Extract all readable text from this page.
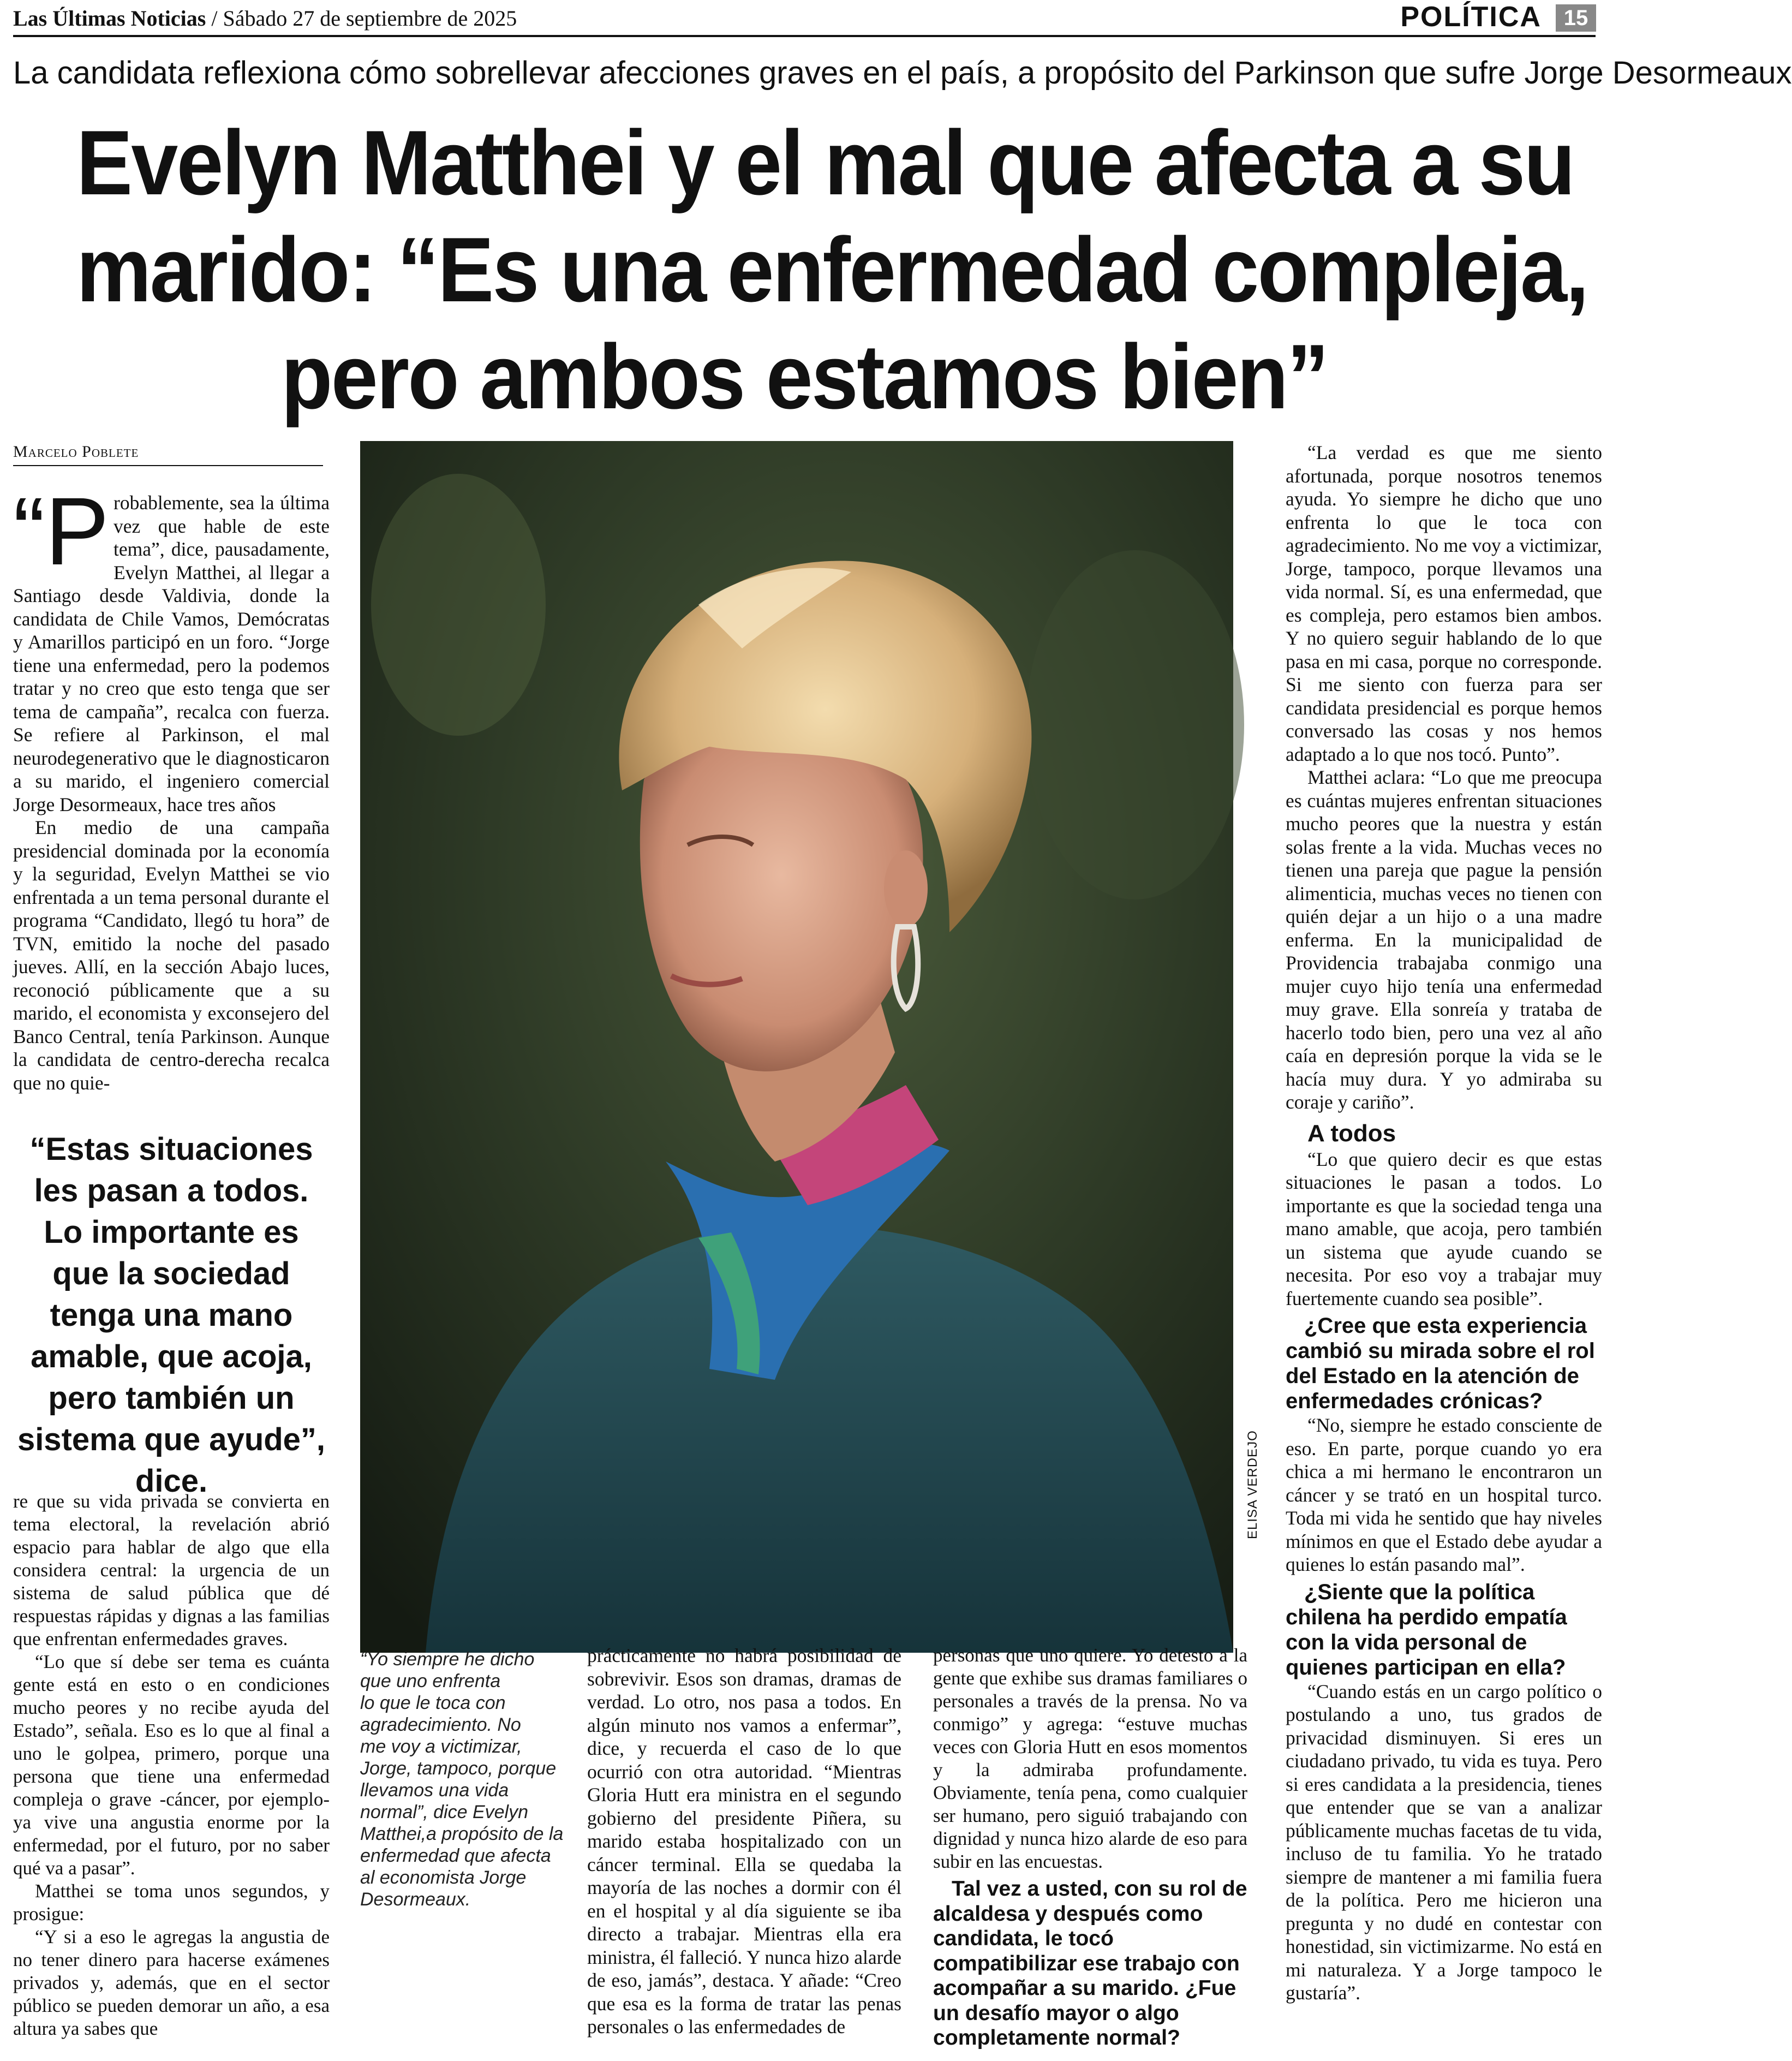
Las Últimas Noticias / Sábado 27 de septiembre de 2025	POLÍTICA	15
La candidata reflexiona cómo sobrellevar afecciones graves en el país, a propósito del Parkinson que sufre Jorge Desormeaux
Evelyn Matthei y el mal que afecta a su
marido: “Es una enfermedad compleja,
pero ambos estamos bien”
Marcelo Poblete

“P robablemente, sea la última vez que hable de este tema”, dice, pausadamente, Evelyn Matthei, al llegar a Santiago desde Valdivia, donde la candidata de Chile Vamos, Demócratas y Amarillos participó en un foro. “Jorge tiene una enfermedad, pero la podemos tratar y no creo que esto tenga que ser tema de campaña”, recalca con fuerza. Se refiere al Parkinson, el mal neurodegenerativo que le diagnosticaron a su marido, el ingeniero comercial Jorge Desormeaux, hace tres años

En medio de una campaña presidencial dominada por la economía y la seguridad, Evelyn Matthei se vio enfrentada a un tema personal durante el programa “Candidato, llegó tu hora” de TVN, emitido la noche del pasado jueves. Allí, en la sección Abajo luces, reconoció públicamente que a su marido, el economista y exconsejero del Banco Central, tenía Parkinson. Aunque la candidata de centro-derecha recalca que no quie-

“Estas situaciones les pasan a todos. Lo importante es que la sociedad tenga una mano amable, que acoja, pero también un sistema que ayude”, dice.

re que su vida privada se convierta en tema electoral, la revelación abrió espacio para hablar de algo que ella considera central: la urgencia de un sistema de salud pública que dé respuestas rápidas y dignas a las familias que enfrentan enfermedades graves.

“Lo que sí debe ser tema es cuánta gente está en esto o en condiciones mucho peores y no recibe ayuda del Estado”, señala. Eso es lo que al final a uno le golpea, primero, porque una persona que tiene una enfermedad compleja o grave -cáncer, por ejemplo- ya vive una angustia enorme por la enfermedad, por el futuro, por no saber qué va a pasar”.

Matthei se toma unos segundos, y prosigue:

“Y si a eso le agregas la angustia de no tener dinero para hacerse exámenes privados y, además, que en el sector público se pueden demorar un año, a esa altura ya sabes que

ELISA VERDEJO
“Yo siempre he dicho
que uno enfrenta
lo que le toca con
agradecimiento. No
me voy a victimizar,
Jorge, tampoco, porque
llevamos una vida
normal”, dice Evelyn
Matthei,a propósito de la
enfermedad que afecta
al economista Jorge
Desormeaux.

prácticamente no habrá posibilidad de sobrevivir. Esos son dramas, dramas de verdad. Lo otro, nos pasa a todos. En algún minuto nos vamos a enfermar”, dice, y recuerda el caso de lo que ocurrió con otra autoridad. “Mientras Gloria Hutt era ministra en el segundo gobierno del presidente Piñera, su marido estaba hospitalizado con un cáncer terminal. Ella se quedaba la mayoría de las noches a dormir con él en el hospital y al día siguiente se iba directo a trabajar. Mientras ella era ministra, él falleció. Y nunca hizo alarde de eso, jamás”, destaca. Y añade: “Creo que esa es la forma de tratar las penas personales o las enfermedades de

personas que uno quiere. Yo detesto a la gente que exhibe sus dramas familiares o personales a través de la prensa. No va conmigo” y agrega: “estuve muchas veces con Gloria Hutt en esos momentos y la admiraba profundamente. Obviamente, tenía pena, como cualquier ser humano, pero siguió trabajando con dignidad y nunca hizo alarde de eso para subir en las encuestas.

Tal vez a usted, con su rol de alcaldesa y después como candidata, le tocó compatibilizar ese trabajo con acompañar a su marido. ¿Fue un desafío mayor o algo completamente normal?

“La verdad es que me siento afortunada, porque nosotros tenemos ayuda. Yo siempre he dicho que uno enfrenta lo que le toca con agradecimiento. No me voy a victimizar, Jorge, tampoco, porque llevamos una vida normal. Sí, es una enfermedad, que es compleja, pero estamos bien ambos. Y no quiero seguir hablando de lo que pasa en mi casa, porque no corresponde. Si me siento con fuerza para ser candidata presidencial es porque hemos conversado las cosas y nos hemos adaptado a lo que nos tocó. Punto”.

Matthei aclara: “Lo que me preocupa es cuántas mujeres enfrentan situaciones mucho peores que la nuestra y están solas frente a la vida. Muchas veces no tienen una pareja que pague la pensión alimenticia, muchas veces no tienen con quién dejar a un hijo o a una madre enferma. En la municipalidad de Providencia trabajaba conmigo una mujer cuyo hijo tenía una enfermedad muy grave. Ella sonreía y trataba de hacerlo todo bien, pero una vez al año caía en depresión porque la vida se le hacía muy dura. Y yo admiraba su coraje y cariño”.

A todos

“Lo que quiero decir es que estas situaciones le pasan a todos. Lo importante es que la sociedad tenga una mano amable, que acoja, pero también un sistema que ayude cuando se necesita. Por eso voy a trabajar muy fuertemente cuando sea posible”.

¿Cree que esta experiencia cambió su mirada sobre el rol del Estado en la atención de enfermedades crónicas?

“No, siempre he estado consciente de eso. En parte, porque cuando yo era chica a mi hermano le encontraron un cáncer y se trató en un hospital turco. Toda mi vida he sentido que hay niveles mínimos en que el Estado debe ayudar a quienes lo están pasando mal”.

¿Siente que la política chilena ha perdido empatía con la vida personal de quienes participan en ella?

“Cuando estás en un cargo político o postulando a uno, tus grados de privacidad disminuyen. Si eres un ciudadano privado, tu vida es tuya. Pero si eres candidata a la presidencia, tienes que entender que se van a analizar públicamente muchas facetas de tu vida, incluso de tu familia. Yo he tratado siempre de mantener a mi familia fuera de la política. Pero me hicieron una pregunta y no dudé en contestar con honestidad, sin victimizarme. No está en mi naturaleza. Y a Jorge tampoco le gustaría”.
